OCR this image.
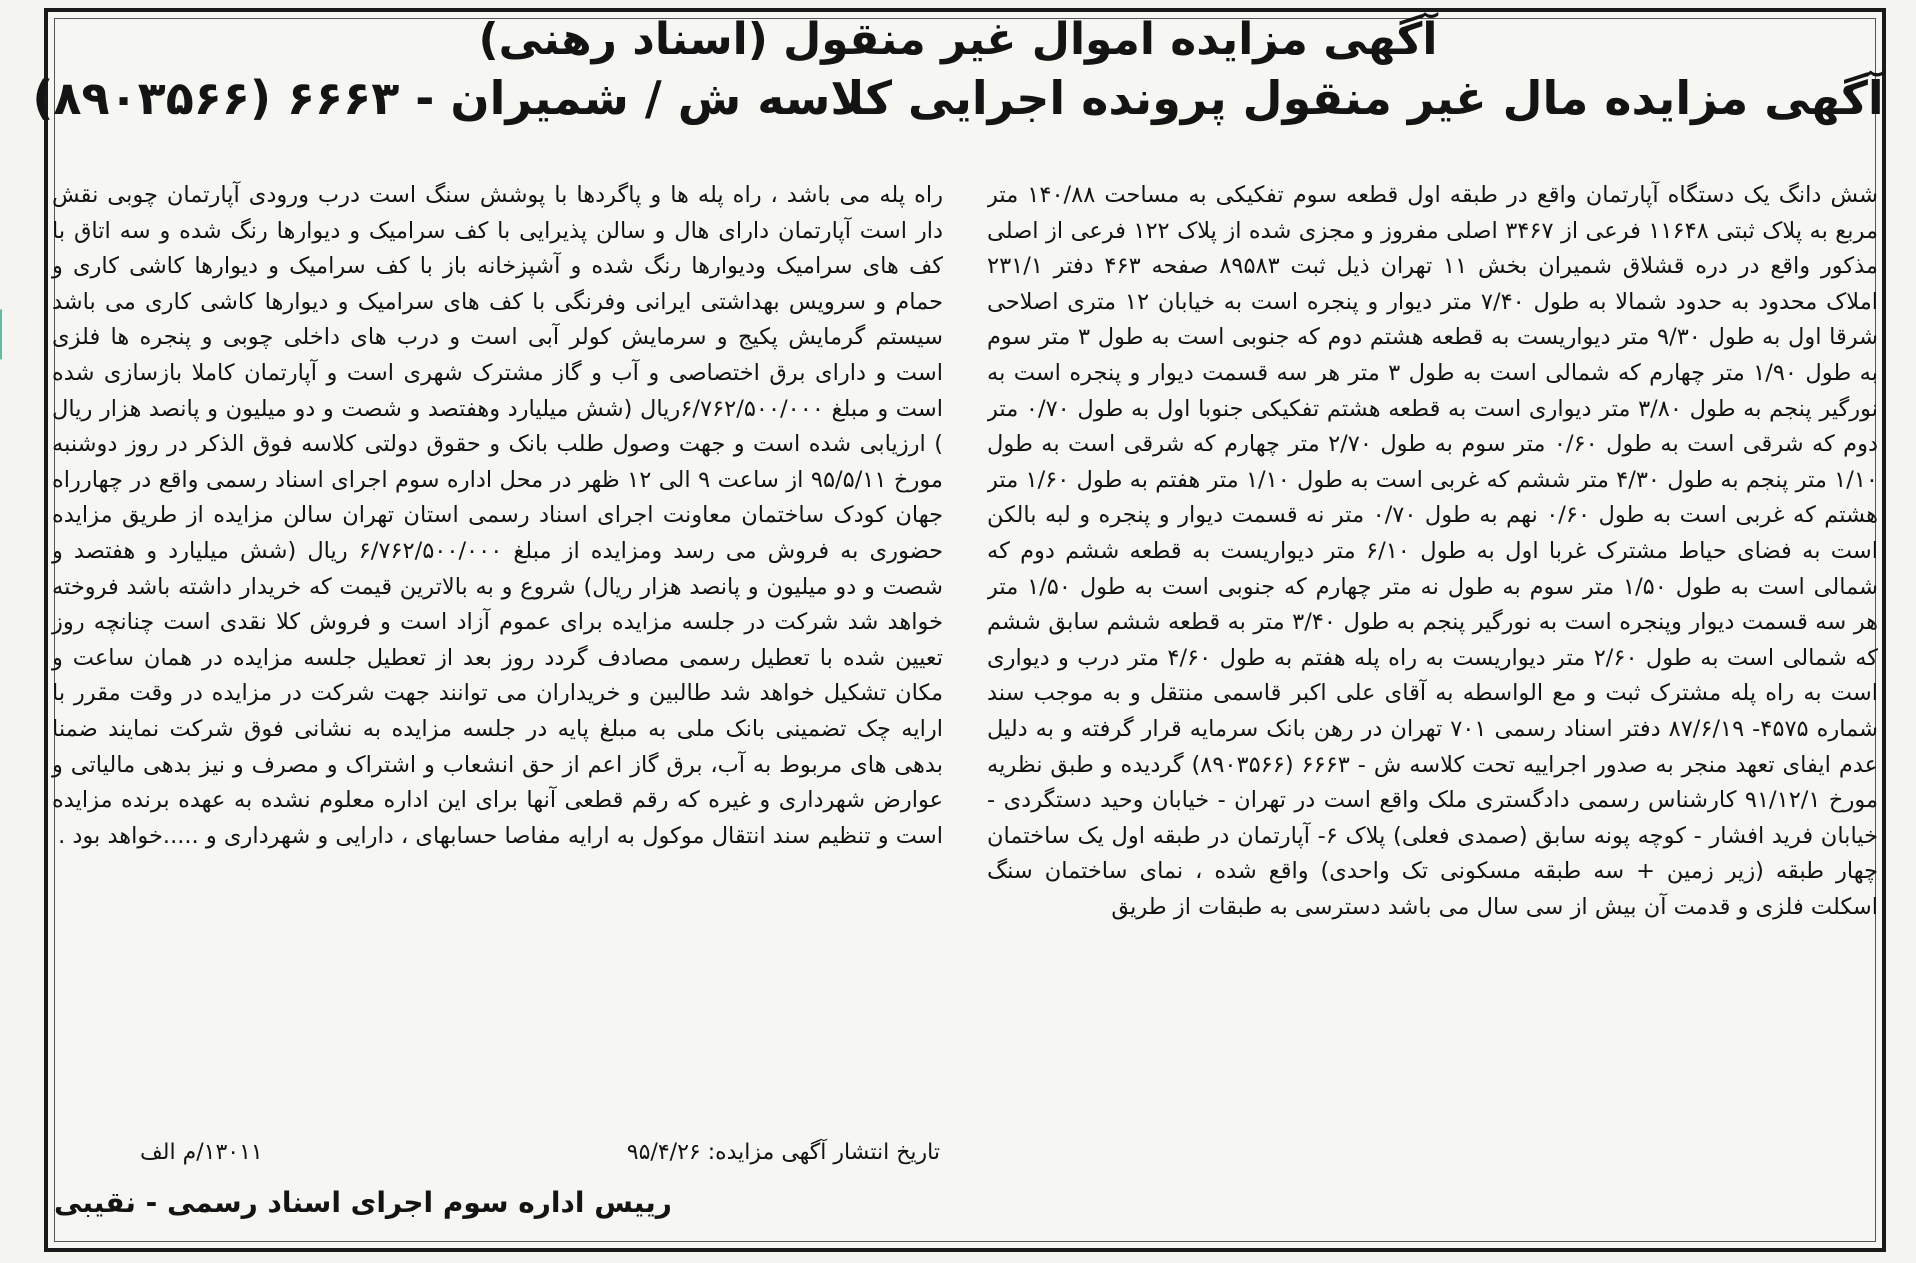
آگهی مزایده اموال غیر منقول (اسناد رهنی)
آگهی مزایده مال غیر منقول پرونده اجرایی کلاسه ش / شمیران - ۶۶۶۳ (۸۹۰۳۵۶۶)
شش دانگ یک دستگاه آپارتمان واقع در طبقه اول قطعه سوم تفکیکی به مساحت ۱۴۰/۸۸ متر مربع به پلاک ثبتی ۱۱۶۴۸ فرعی از ۳۴۶۷ اصلی مفروز و مجزی شده از پلاک ۱۲۲ فرعی از اصلی مذکور واقع در دره قشلاق شمیران بخش ۱۱ تهران ذیل ثبت ۸۹۵۸۳ صفحه ۴۶۳ دفتر ۲۳۱/۱ املاک محدود به حدود شمالا به طول ۷/۴۰ متر دیوار و پنجره است به خیابان ۱۲ متری اصلاحی شرقا اول به طول ۹/۳۰ متر دیواریست به قطعه هشتم دوم که جنوبی است به طول ۳ متر سوم به طول ۱/۹۰ متر چهارم که شمالی است به طول ۳ متر هر سه قسمت دیوار و پنجره است به نورگیر پنجم به طول ۳/۸۰ متر دیواری است به قطعه هشتم تفکیکی جنوبا اول به طول ۰/۷۰ متر دوم که شرقی است به طول ۰/۶۰ متر سوم به طول ۲/۷۰ متر چهارم که شرقی است به طول ۱/۱۰ متر پنجم به طول ۴/۳۰ متر ششم که غربی است به طول ۱/۱۰ متر هفتم به طول ۱/۶۰ متر هشتم که غربی است به طول ۰/۶۰ نهم به طول ۰/۷۰ متر نه قسمت دیوار و پنجره و لبه بالکن است به فضای حیاط مشترک غربا اول به طول ۶/۱۰ متر دیواریست به قطعه ششم دوم که شمالی است به طول ۱/۵۰ متر سوم به طول نه متر چهارم که جنوبی است به طول ۱/۵۰ متر هر سه قسمت دیوار وپنجره است به نورگیر پنجم به طول ۳/۴۰ متر به قطعه ششم سابق ششم که شمالی است به طول ۲/۶۰ متر دیواریست به راه پله هفتم به طول ۴/۶۰ متر درب و دیواری است به راه پله مشترک ثبت و مع الواسطه به آقای علی اکبر قاسمی منتقل و به موجب سند شماره ۴۵۷۵- ۸۷/۶/۱۹ دفتر اسناد رسمی ۷۰۱ تهران در رهن بانک سرمایه قرار گرفته و به دلیل عدم ایفای تعهد منجر به صدور اجراییه تحت کلاسه ش - ۶۶۶۳ (۸۹۰۳۵۶۶) گردیده و طبق نظریه مورخ ۹۱/۱۲/۱ کارشناس رسمی دادگستری ملک واقع است در تهران - خیابان وحید دستگردی - خیابان فرید افشار - کوچه پونه سابق (صمدی فعلی) پلاک ۶- آپارتمان در طبقه اول یک ساختمان چهار طبقه (زیر زمین + سه طبقه مسکونی تک واحدی) واقع شده ، نمای ساختمان سنگ اسکلت فلزی و قدمت آن بیش از سی سال می باشد دسترسی به طبقات از طریق
راه پله می باشد ، راه پله ها و پاگردها با پوشش سنگ است درب ورودی آپارتمان چوبی نقش دار است آپارتمان دارای هال و سالن پذیرایی با کف سرامیک و دیوارها رنگ شده و سه اتاق با کف های سرامیک ودیوارها رنگ شده و آشپزخانه باز با کف سرامیک و دیوارها کاشی کاری و حمام و سرویس بهداشتی ایرانی وفرنگی با کف های سرامیک و دیوارها کاشی کاری می باشد سیستم گرمایش پکیج و سرمایش کولر آبی است و درب های داخلی چوبی و پنجره ها فلزی است و دارای برق اختصاصی و آب و گاز مشترک شهری است و آپارتمان کاملا بازسازی شده است و مبلغ ۶/۷۶۲/۵۰۰/۰۰۰ریال (شش میلیارد وهفتصد و شصت و دو میلیون و پانصد هزار ریال ) ارزیابی شده است و جهت وصول طلب بانک و حقوق دولتی کلاسه فوق الذکر در روز دوشنبه مورخ ۹۵/۵/۱۱ از ساعت ۹ الی ۱۲ ظهر در محل اداره سوم اجرای اسناد رسمی واقع در چهارراه جهان کودک ساختمان معاونت اجرای اسناد رسمی استان تهران سالن مزایده از طریق مزایده حضوری به فروش می رسد ومزایده از مبلغ ۶/۷۶۲/۵۰۰/۰۰۰ ریال (شش میلیارد و هفتصد و شصت و دو میلیون و پانصد هزار ریال) شروع و به بالاترین قیمت که خریدار داشته باشد فروخته خواهد شد شرکت در جلسه مزایده برای عموم آزاد است و فروش کلا نقدی است چنانچه روز تعیین شده با تعطیل رسمی مصادف گردد روز بعد از تعطیل جلسه مزایده در همان ساعت و مکان تشکیل خواهد شد طالبین و خریداران می توانند جهت شرکت در مزایده در وقت مقرر با ارایه چک تضمینی بانک ملی به مبلغ پایه در جلسه مزایده به نشانی فوق شرکت نمایند ضمنا بدهی های مربوط به آب، برق گاز اعم از حق انشعاب و اشتراک و مصرف و نیز بدهی مالیاتی و عوارض شهرداری و غیره که رقم قطعی آنها برای این اداره معلوم نشده به عهده برنده مزایده است و تنظیم سند انتقال موکول به ارایه مفاصا حسابهای ، دارایی و شهرداری و .....خواهد بود .
تاریخ انتشار آگهی مزایده: ۹۵/۴/۲۶
۱۳۰۱۱/م الف
رییس اداره سوم اجرای اسناد رسمی - نقیبی
